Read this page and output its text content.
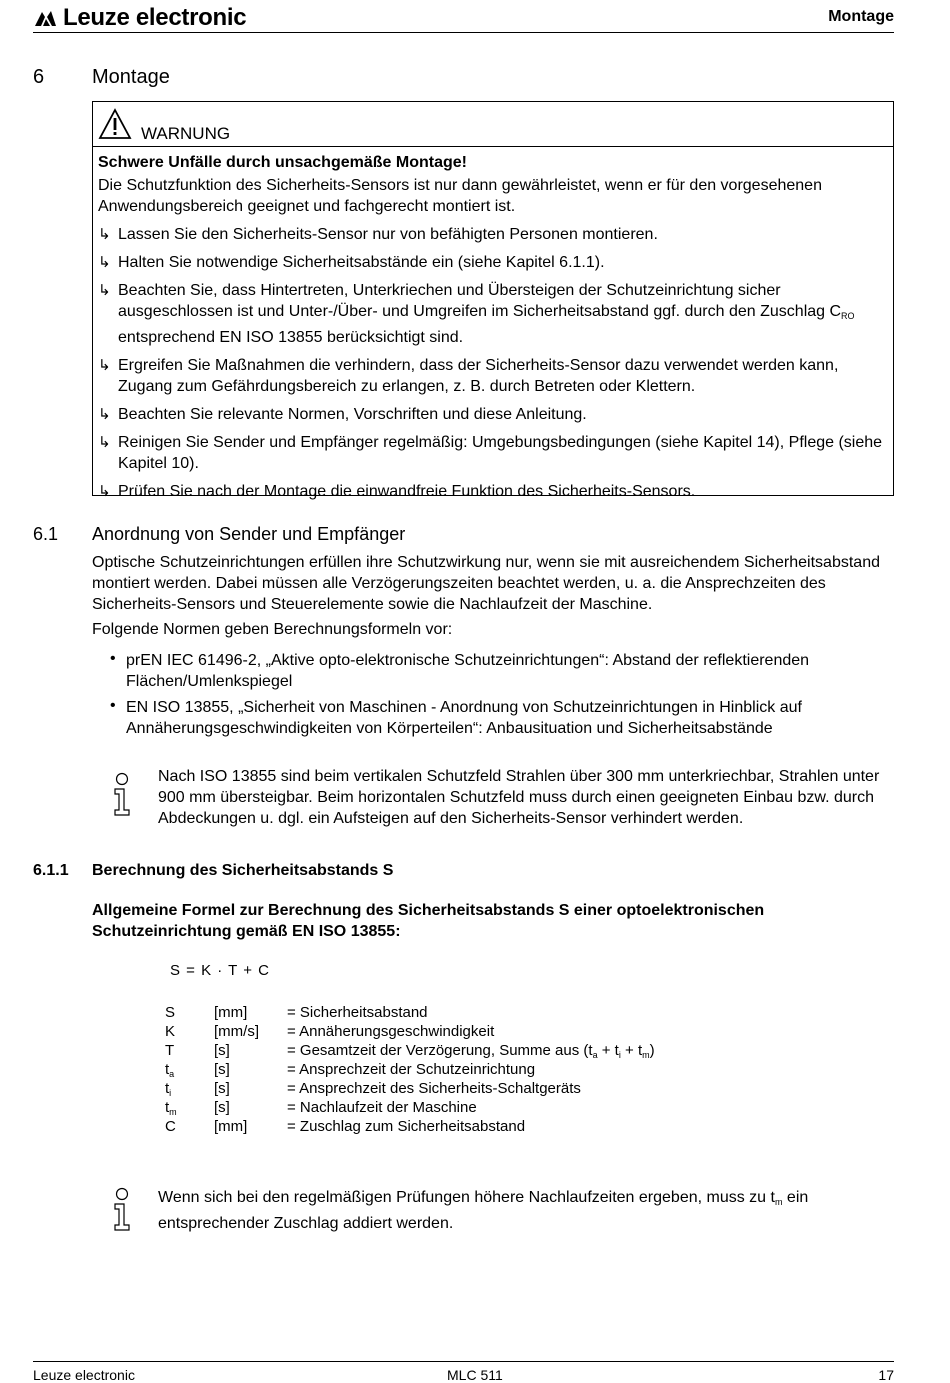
Leuze electronic	Montage
6 Montage
WARNUNG
Schwere Unfälle durch unsachgemäße Montage!
Die Schutzfunktion des Sicherheits-Sensors ist nur dann gewährleistet, wenn er für den vorgesehenen Anwendungsbereich geeignet und fachgerecht montiert ist.
↳ Lassen Sie den Sicherheits-Sensor nur von befähigten Personen montieren.
↳ Halten Sie notwendige Sicherheitsabstände ein (siehe Kapitel 6.1.1).
↳ Beachten Sie, dass Hintertreten, Unterkriechen und Übersteigen der Schutzeinrichtung sicher ausgeschlossen ist und Unter-/Über- und Umgreifen im Sicherheitsabstand ggf. durch den Zuschlag $C_{RO}$ entsprechend EN ISO 13855 berücksichtigt sind.
↳ Ergreifen Sie Maßnahmen die verhindern, dass der Sicherheits-Sensor dazu verwendet werden kann, Zugang zum Gefährdungsbereich zu erlangen, z. B. durch Betreten oder Klettern.
↳ Beachten Sie relevante Normen, Vorschriften und diese Anleitung.
↳ Reinigen Sie Sender und Empfänger regelmäßig: Umgebungsbedingungen (siehe Kapitel 14), Pflege (siehe Kapitel 10).
↳ Prüfen Sie nach der Montage die einwandfreie Funktion des Sicherheits-Sensors.
6.1 Anordnung von Sender und Empfänger
Optische Schutzeinrichtungen erfüllen ihre Schutzwirkung nur, wenn sie mit ausreichendem Sicherheitsabstand montiert werden. Dabei müssen alle Verzögerungszeiten beachtet werden, u. a. die Ansprechzeiten des Sicherheits-Sensors und Steuerelemente sowie die Nachlaufzeit der Maschine.
Folgende Normen geben Berechnungsformeln vor:
• prEN IEC 61496-2, „Aktive opto-elektronische Schutzeinrichtungen“: Abstand der reflektierenden Flächen/Umlenkspiegel
• EN ISO 13855, „Sicherheit von Maschinen - Anordnung von Schutzeinrichtungen in Hinblick auf Annäherungsgeschwindigkeiten von Körperteilen“: Anbausituation und Sicherheitsabstände
Nach ISO 13855 sind beim vertikalen Schutzfeld Strahlen über 300 mm unterkriechbar, Strahlen unter 900 mm übersteigbar. Beim horizontalen Schutzfeld muss durch einen geeigneten Einbau bzw. durch Abdeckungen u. dgl. ein Aufsteigen auf den Sicherheits-Sensor verhindert werden.
6.1.1 Berechnung des Sicherheitsabstands S
Allgemeine Formel zur Berechnung des Sicherheitsabstands S einer optoelektronischen Schutzeinrichtung gemäß EN ISO 13855:
S = K · T + C
S	[mm]	= Sicherheitsabstand
K	[mm/s] = Annäherungsgeschwindigkeit
T	[s]	= Gesamtzeit der Verzögerung, Summe aus $(t_a + t_i + t_m)$
$t_a$	[s]	= Ansprechzeit der Schutzeinrichtung
$t_i$	[s]	= Ansprechzeit des Sicherheits-Schaltgeräts
$t_m$ [s]	= Nachlaufzeit der Maschine
C	[mm]	= Zuschlag zum Sicherheitsabstand
Wenn sich bei den regelmäßigen Prüfungen höhere Nachlaufzeiten ergeben, muss zu $t_m$ ein entsprechender Zuschlag addiert werden.
Leuze electronic	MLC 511	17
